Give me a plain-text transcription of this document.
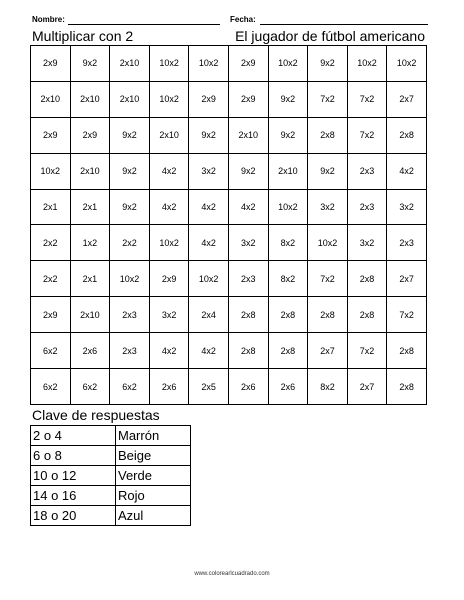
Nombre:	Fecha:
Multiplicar con 2	El jugador de fútbol americano
2x9	9x2	2x10	10x2	10x2	2x9	10x2	9x2	10x2	10x2
2x10	2x10	2x10	10x2	2x9	2x9	9x2	7x2	7x2	2x7
2x9	2x9	9x2	2x10	9x2	2x10	9x2	2x8	7x2	2x8
10x2	2x10	9x2	4x2	3x2	9x2	2x10	9x2	2x3	4x2
2x1	2x1	9x2	4x2	4x2	4x2	10x2	3x2	2x3	3x2
2x2	1x2	2x2	10x2	4x2	3x2	8x2	10x2	3x2	2x3
2x2	2x1	10x2	2x9	10x2	2x3	8x2	7x2	2x8	2x7
2x9	2x10	2x3	3x2	2x4	2x8	2x8	2x8	2x8	7x2
6x2	2x6	2x3	4x2	4x2	2x8	2x8	2x7	7x2	2x8
6x2	6x2	6x2	2x6	2x5	2x6	2x6	8x2	2x7	2x8
Clave de respuestas
2 o 4	Marrón
6 o 8	Beige
10 o 12	Verde
14 o 16	Rojo
18 o 20	Azul
www.colorearlcuadrado.com
